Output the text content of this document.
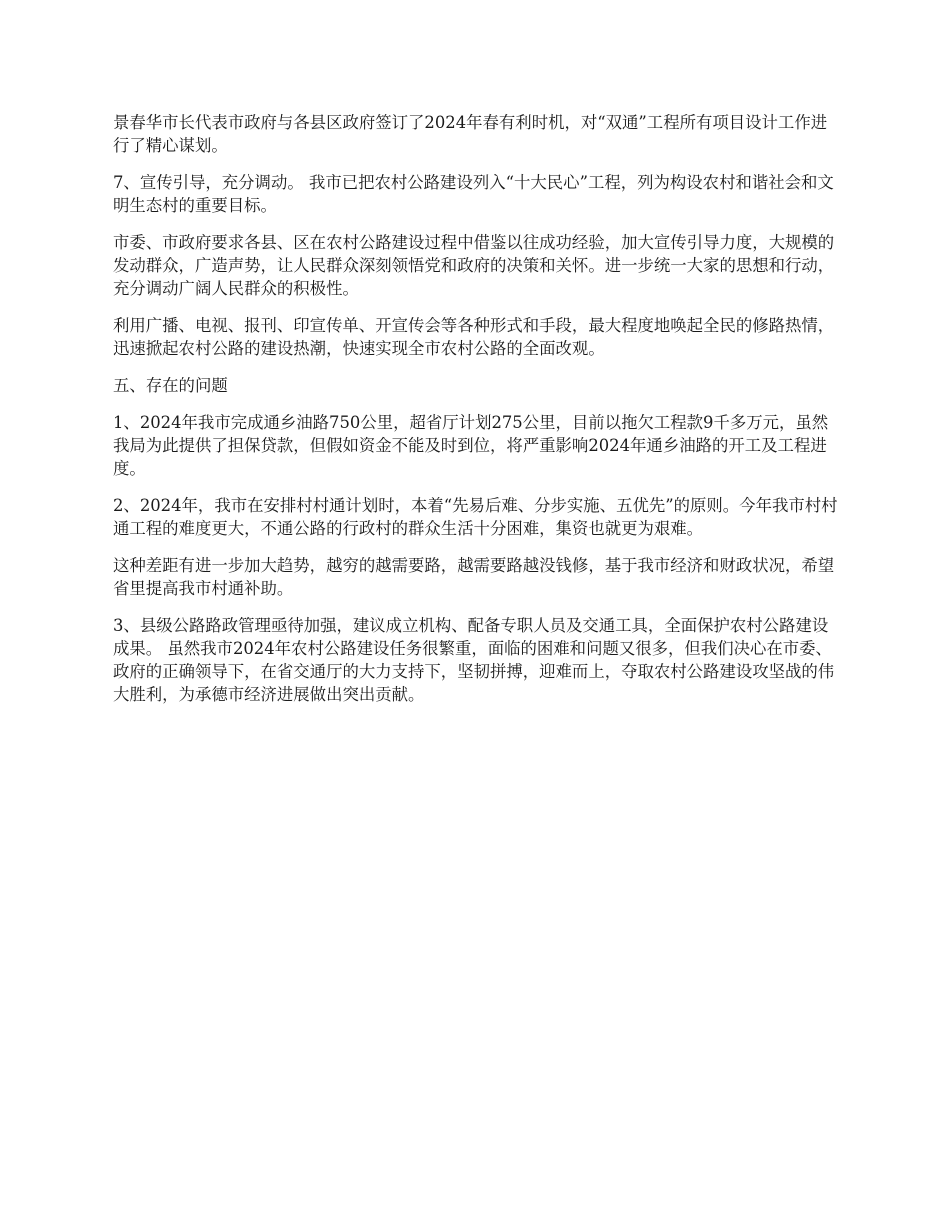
景春华市长代表市政府与各县区政府签订了2024年春有利时机，对“双通”工程所有项目设计工作进行了精心谋划。

7、宣传引导，充分调动。 我市已把农村公路建设列入“十大民心”工程，列为构设农村和谐社会和文明生态村的重要目标。

市委、市政府要求各县、区在农村公路建设过程中借鉴以往成功经验，加大宣传引导力度，大规模的发动群众，广造声势，让人民群众深刻领悟党和政府的决策和关怀。进一步统一大家的思想和行动，充分调动广阔人民群众的积极性。

利用广播、电视、报刊、印宣传单、开宣传会等各种形式和手段，最大程度地唤起全民的修路热情，迅速掀起农村公路的建设热潮，快速实现全市农村公路的全面改观。

五、存在的问题

1、2024年我市完成通乡油路750公里，超省厅计划275公里，目前以拖欠工程款9千多万元，虽然我局为此提供了担保贷款，但假如资金不能及时到位，将严重影响2024年通乡油路的开工及工程进度。

2、2024年，我市在安排村村通计划时，本着“先易后难、分步实施、五优先”的原则。今年我市村村通工程的难度更大，不通公路的行政村的群众生活十分困难，集资也就更为艰难。

这种差距有进一步加大趋势，越穷的越需要路，越需要路越没钱修，基于我市经济和财政状况，希望省里提高我市村通补助。

3、县级公路路政管理亟待加强，建议成立机构、配备专职人员及交通工具，全面保护农村公路建设成果。 虽然我市2024年农村公路建设任务很繁重，面临的困难和问题又很多，但我们决心在市委、政府的正确领导下，在省交通厅的大力支持下，坚韧拼搏，迎难而上，夺取农村公路建设攻坚战的伟大胜利，为承德市经济进展做出突出贡献。
